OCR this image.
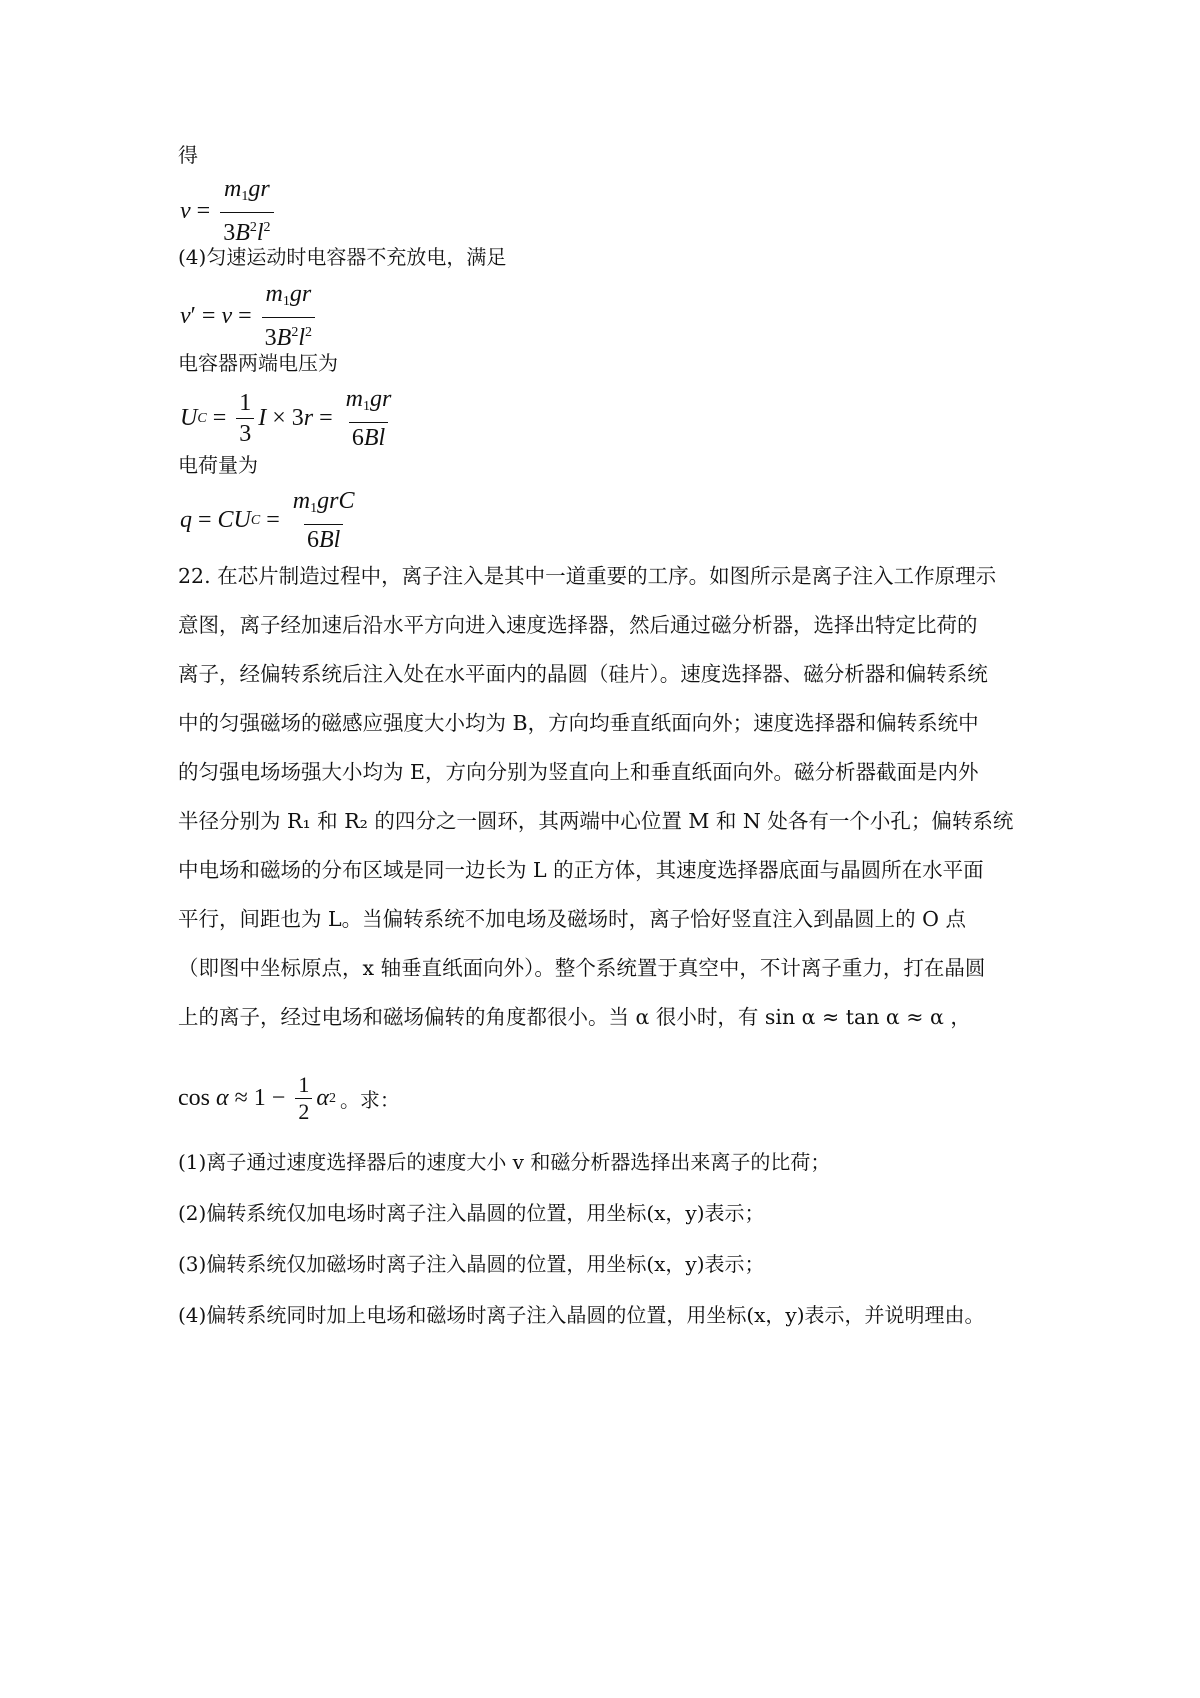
得
$v = \frac{m_1gr}{3B^2l^2}$
(4)匀速运动时电容器不充放电，满足
v ′ = $v = \frac{m_1gr}{3B^2l^2}$
电容器两端电压为
U $C = \frac{1}{3}$ I × 3 $r = \frac{m_1gr}{6Bl}$
电荷量为
q = CU $C = \frac{m_1grC}{6Bl}$
22. 在芯片制造过程中，离子注入是其中一道重要的工序。如图所示是离子注入工作原理示
意图，离子经加速后沿水平方向进入速度选择器，然后通过磁分析器，选择出特定比荷的
离子，经偏转系统后注入处在水平面内的晶圆（硅片）。速度选择器、磁分析器和偏转系统
中的匀强磁场的磁感应强度大小均为 B，方向均垂直纸面向外；速度选择器和偏转系统中
的匀强电场场强大小均为 E，方向分别为竖直向上和垂直纸面向外。磁分析器截面是内外
半径分别为 R₁ 和 R₂ 的四分之一圆环，其两端中心位置 M 和 N 处各有一个小孔；偏转系统
中电场和磁场的分布区域是同一边长为 L 的正方体，其速度选择器底面与晶圆所在水平面
平行，间距也为 L。当偏转系统不加电场及磁场时，离子恰好竖直注入到晶圆上的 O 点
（即图中坐标原点，x 轴垂直纸面向外）。整个系统置于真空中，不计离子重力，打在晶圆
上的离子，经过电场和磁场偏转的角度都很小。当 α 很小时，有 sin α ≈ tan α ≈ α ，
cos
$\alpha \approx 1 - \frac{1}{2}$ α 2 。求：
(1)离子通过速度选择器后的速度大小 v 和磁分析器选择出来离子的比荷；
(2)偏转系统仅加电场时离子注入晶圆的位置，用坐标(x，y)表示；
(3)偏转系统仅加磁场时离子注入晶圆的位置，用坐标(x，y)表示；
(4)偏转系统同时加上电场和磁场时离子注入晶圆的位置，用坐标(x，y)表示，并说明理由。
